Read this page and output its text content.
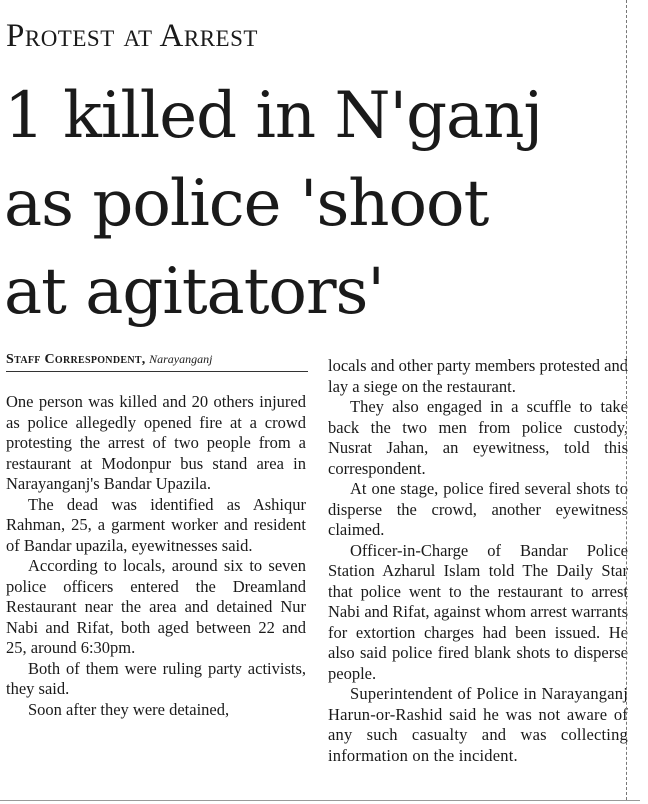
Protest at Arrest
1 killed in N'ganj
as police 'shoot
at agitators'
Staff Correspondent, Narayanganj

One person was killed and 20 others injured as police allegedly opened fire at a crowd protesting the arrest of two people from a restaurant at Modonpur bus stand area in Narayanganj's Bandar Upazila.

The dead was identified as Ashiqur Rahman, 25, a garment worker and resident of Bandar upazila, eyewitnesses said.

According to locals, around six to seven police officers entered the Dreamland Restaurant near the area and detained Nur Nabi and Rifat, both aged between 22 and 25, around 6:30pm.

Both of them were ruling party activists, they said.

Soon after they were detained,

locals and other party members protested and lay a siege on the restaurant.

They also engaged in a scuffle to take back the two men from police custody, Nusrat Jahan, an eyewitness, told this correspondent.

At one stage, police fired several shots to disperse the crowd, another eyewitness claimed.

Officer-in-Charge of Bandar Police Station Azharul Islam told The Daily Star that police went to the restaurant to arrest Nabi and Rifat, against whom arrest warrants for extortion charges had been issued. He also said police fired blank shots to disperse people.

Superintendent of Police in Narayanganj Harun-or-Rashid said he was not aware of any such casualty and was collecting information on the incident.
